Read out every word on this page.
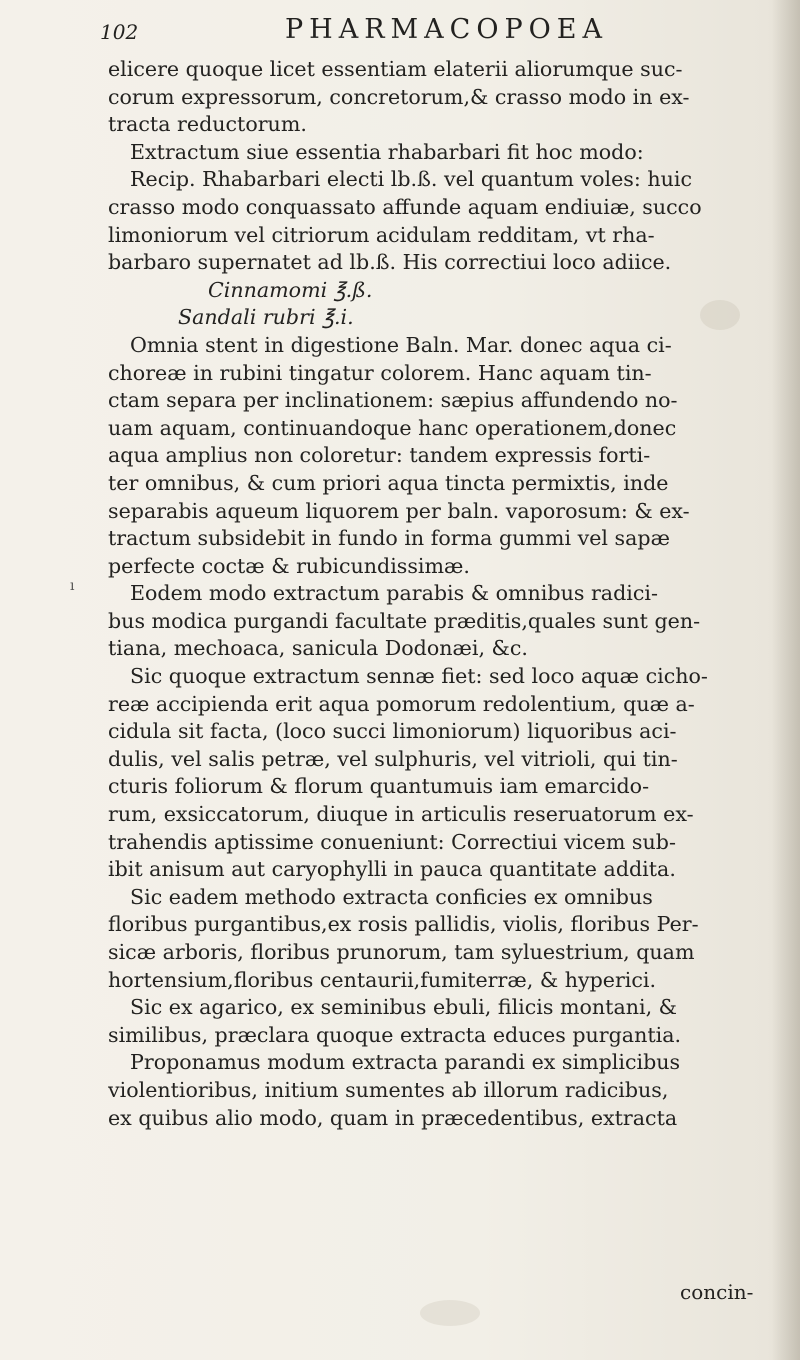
102	PHARMACOPOEA
ı
elicere quoque licet essentiam elaterii aliorumque suc-
corum expressorum, concretorum,& crasso modo in ex-
tracta reductorum.
Extractum siue essentia rhabarbari fit hoc modo:
Recip. Rhabarbari electi lb.ß. vel quantum voles: huic
crasso modo conquassato affunde aquam endiuiæ, succo
limoniorum vel citriorum acidulam redditam, vt rha-
barbaro supernatet ad lb.ß. His correctiui loco adiice.
Cinnamomi ℥.ß.
Sandali rubri ℥.i.
Omnia stent in digestione Baln. Mar. donec aqua ci-
choreæ in rubini tingatur colorem. Hanc aquam tin-
ctam separa per inclinationem: sæpius affundendo no-
uam aquam, continuandoque hanc operationem,donec
aqua amplius non coloretur: tandem expressis forti-
ter omnibus, & cum priori aqua tincta permixtis, inde
separabis aqueum liquorem per baln. vaporosum: & ex-
tractum subsidebit in fundo in forma gummi vel sapæ
perfecte coctæ & rubicundissimæ.
Eodem modo extractum parabis & omnibus radici-
bus modica purgandi facultate præditis,quales sunt gen-
tiana, mechoaca, sanicula Dodonæi, &c.
Sic quoque extractum sennæ fiet: sed loco aquæ cicho-
reæ accipienda erit aqua pomorum redolentium, quæ a-
cidula sit facta, (loco succi limoniorum) liquoribus aci-
dulis, vel salis petræ, vel sulphuris, vel vitrioli, qui tin-
cturis foliorum & florum quantumuis iam emarcido-
rum, exsiccatorum, diuque in articulis reseruatorum ex-
trahendis aptissime conueniunt: Correctiui vicem sub-
ibit anisum aut caryophylli in pauca quantitate addita.
Sic eadem methodo extracta conficies ex omnibus
floribus purgantibus,ex rosis pallidis, violis, floribus Per-
sicæ arboris, floribus prunorum, tam syluestrium, quam
hortensium,floribus centaurii,fumiterræ, & hyperici.
Sic ex agarico, ex seminibus ebuli, filicis montani, &
similibus, præclara quoque extracta educes purgantia.
Proponamus modum extracta parandi ex simplicibus
violentioribus, initium sumentes ab illorum radicibus,
ex quibus alio modo, quam in præcedentibus, extracta
concin-
